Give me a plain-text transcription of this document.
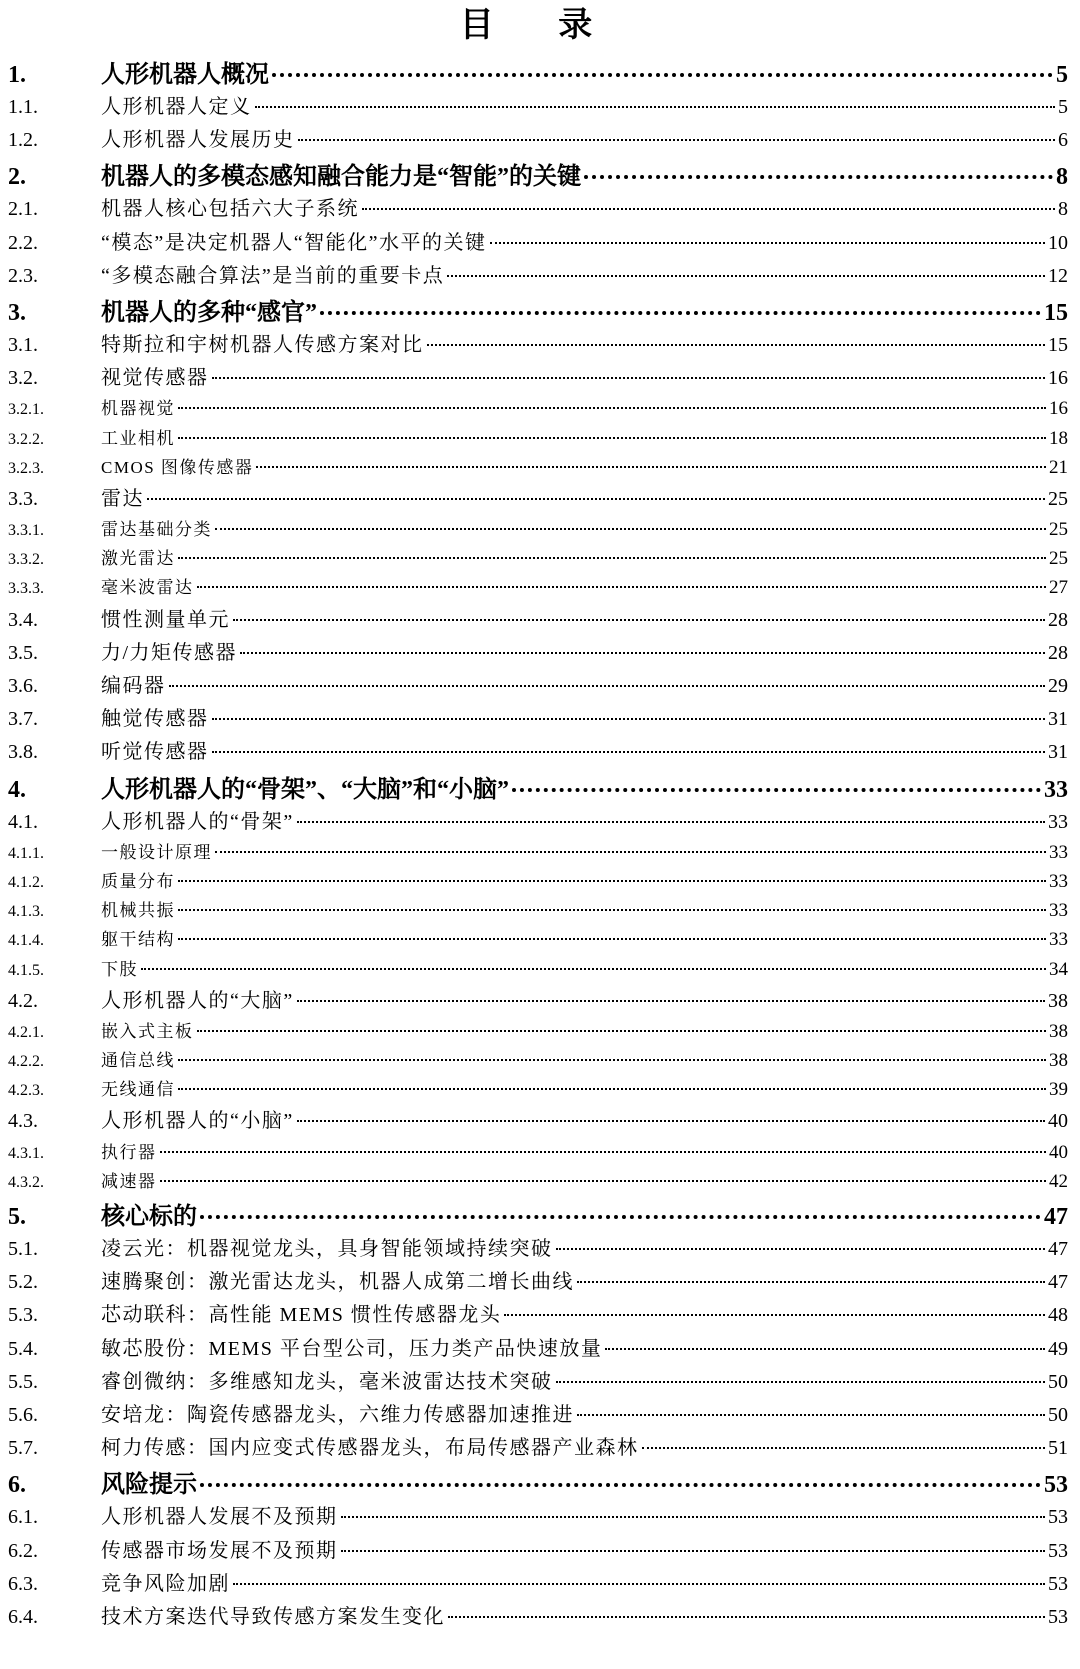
目 录
1.	人形机器人概况	5
1.1.	人形机器人定义	5
1.2.	人形机器人发展历史	6
2.	机器人的多模态感知融合能力是“智能”的关键	8
2.1.	机器人核心包括六大子系统	8
2.2.	“模态”是决定机器人“智能化”水平的关键	10
2.3.	“多模态融合算法”是当前的重要卡点	12
3.	机器人的多种“感官”	15
3.1.	特斯拉和宇树机器人传感方案对比	15
3.2.	视觉传感器	16
3.2.1.	机器视觉	16
3.2.2.	工业相机	18
3.2.3.	CMOS 图像传感器	21
3.3.	雷达	25
3.3.1.	雷达基础分类	25
3.3.2.	激光雷达	25
3.3.3.	毫米波雷达	27
3.4.	惯性测量单元	28
3.5.	力/力矩传感器	28
3.6.	编码器	29
3.7.	触觉传感器	31
3.8.	听觉传感器	31
4.	人形机器人的“骨架”、“大脑”和“小脑”	33
4.1.	人形机器人的“骨架”	33
4.1.1.	一般设计原理	33
4.1.2.	质量分布	33
4.1.3.	机械共振	33
4.1.4.	躯干结构	33
4.1.5.	下肢	34
4.2.	人形机器人的“大脑”	38
4.2.1.	嵌入式主板	38
4.2.2.	通信总线	38
4.2.3.	无线通信	39
4.3.	人形机器人的“小脑”	40
4.3.1.	执行器	40
4.3.2.	减速器	42
5.	核心标的	47
5.1.	凌云光：机器视觉龙头，具身智能领域持续突破	47
5.2.	速腾聚创：激光雷达龙头，机器人成第二增长曲线	47
5.3.	芯动联科：高性能 MEMS 惯性传感器龙头	48
5.4.	敏芯股份：MEMS 平台型公司，压力类产品快速放量	49
5.5.	睿创微纳：多维感知龙头，毫米波雷达技术突破	50
5.6.	安培龙：陶瓷传感器龙头，六维力传感器加速推进	50
5.7.	柯力传感：国内应变式传感器龙头，布局传感器产业森林	51
6.	风险提示	53
6.1.	人形机器人发展不及预期	53
6.2.	传感器市场发展不及预期	53
6.3.	竞争风险加剧	53
6.4.	技术方案迭代导致传感方案发生变化	53
